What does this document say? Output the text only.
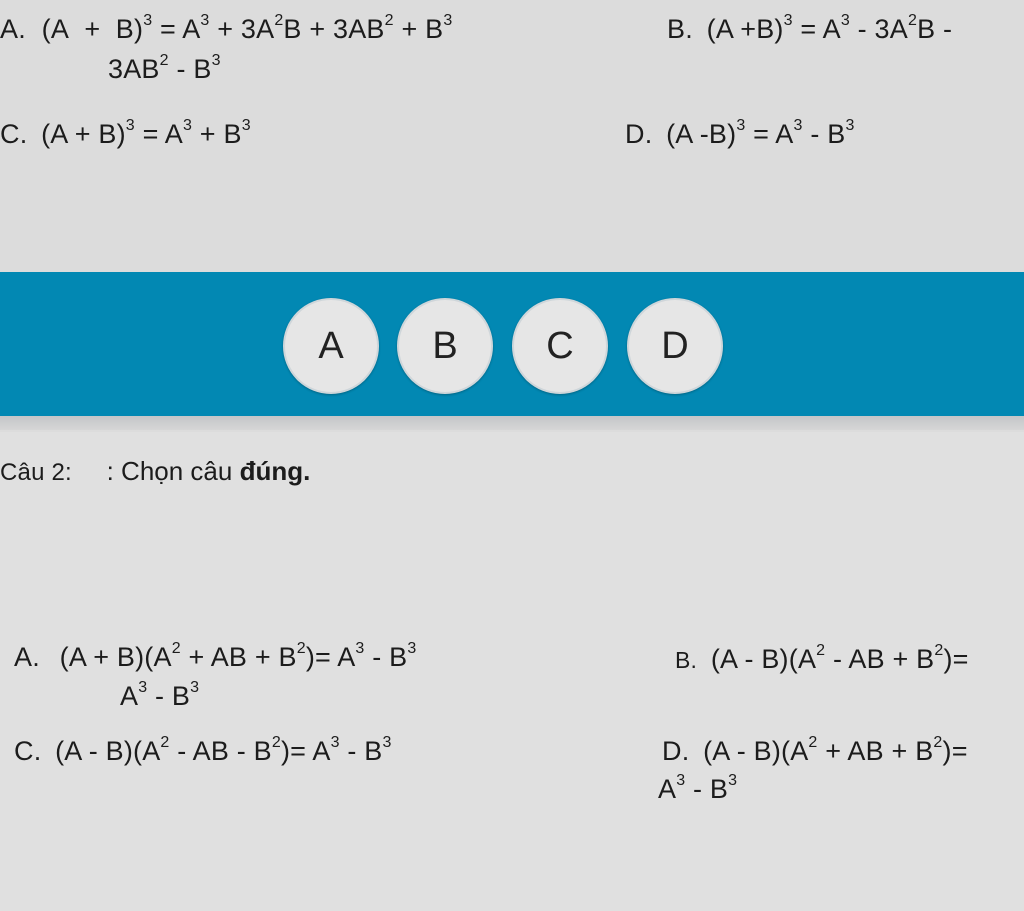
A. $(A + B)^3 = A^3 + 3A^2B + 3AB^2 + B^3$
$3AB^2 - B^3$
B. $(A +B)^3 = A^3 - 3A^2B$ -
C. $(A + B)^3 = A^3 + B^3$	D. (A $-B)^3 = A^3 - B^3$
A	B	C	D
Câu 2: : Chọn câu đúng.
A. $(A + B)(A^2$ + AB + $B^2)= A^3 - B^3$
$A^3 - B^3$
B. $(A - B)(A^2$ - AB + $B^2)=$
C. $(A - B)(A^2$ - AB - $B^2)= A^3 - B^3$	D. $(A - B)(A^2$ + AB + $B^2)=$
$A^3 - B^3$
